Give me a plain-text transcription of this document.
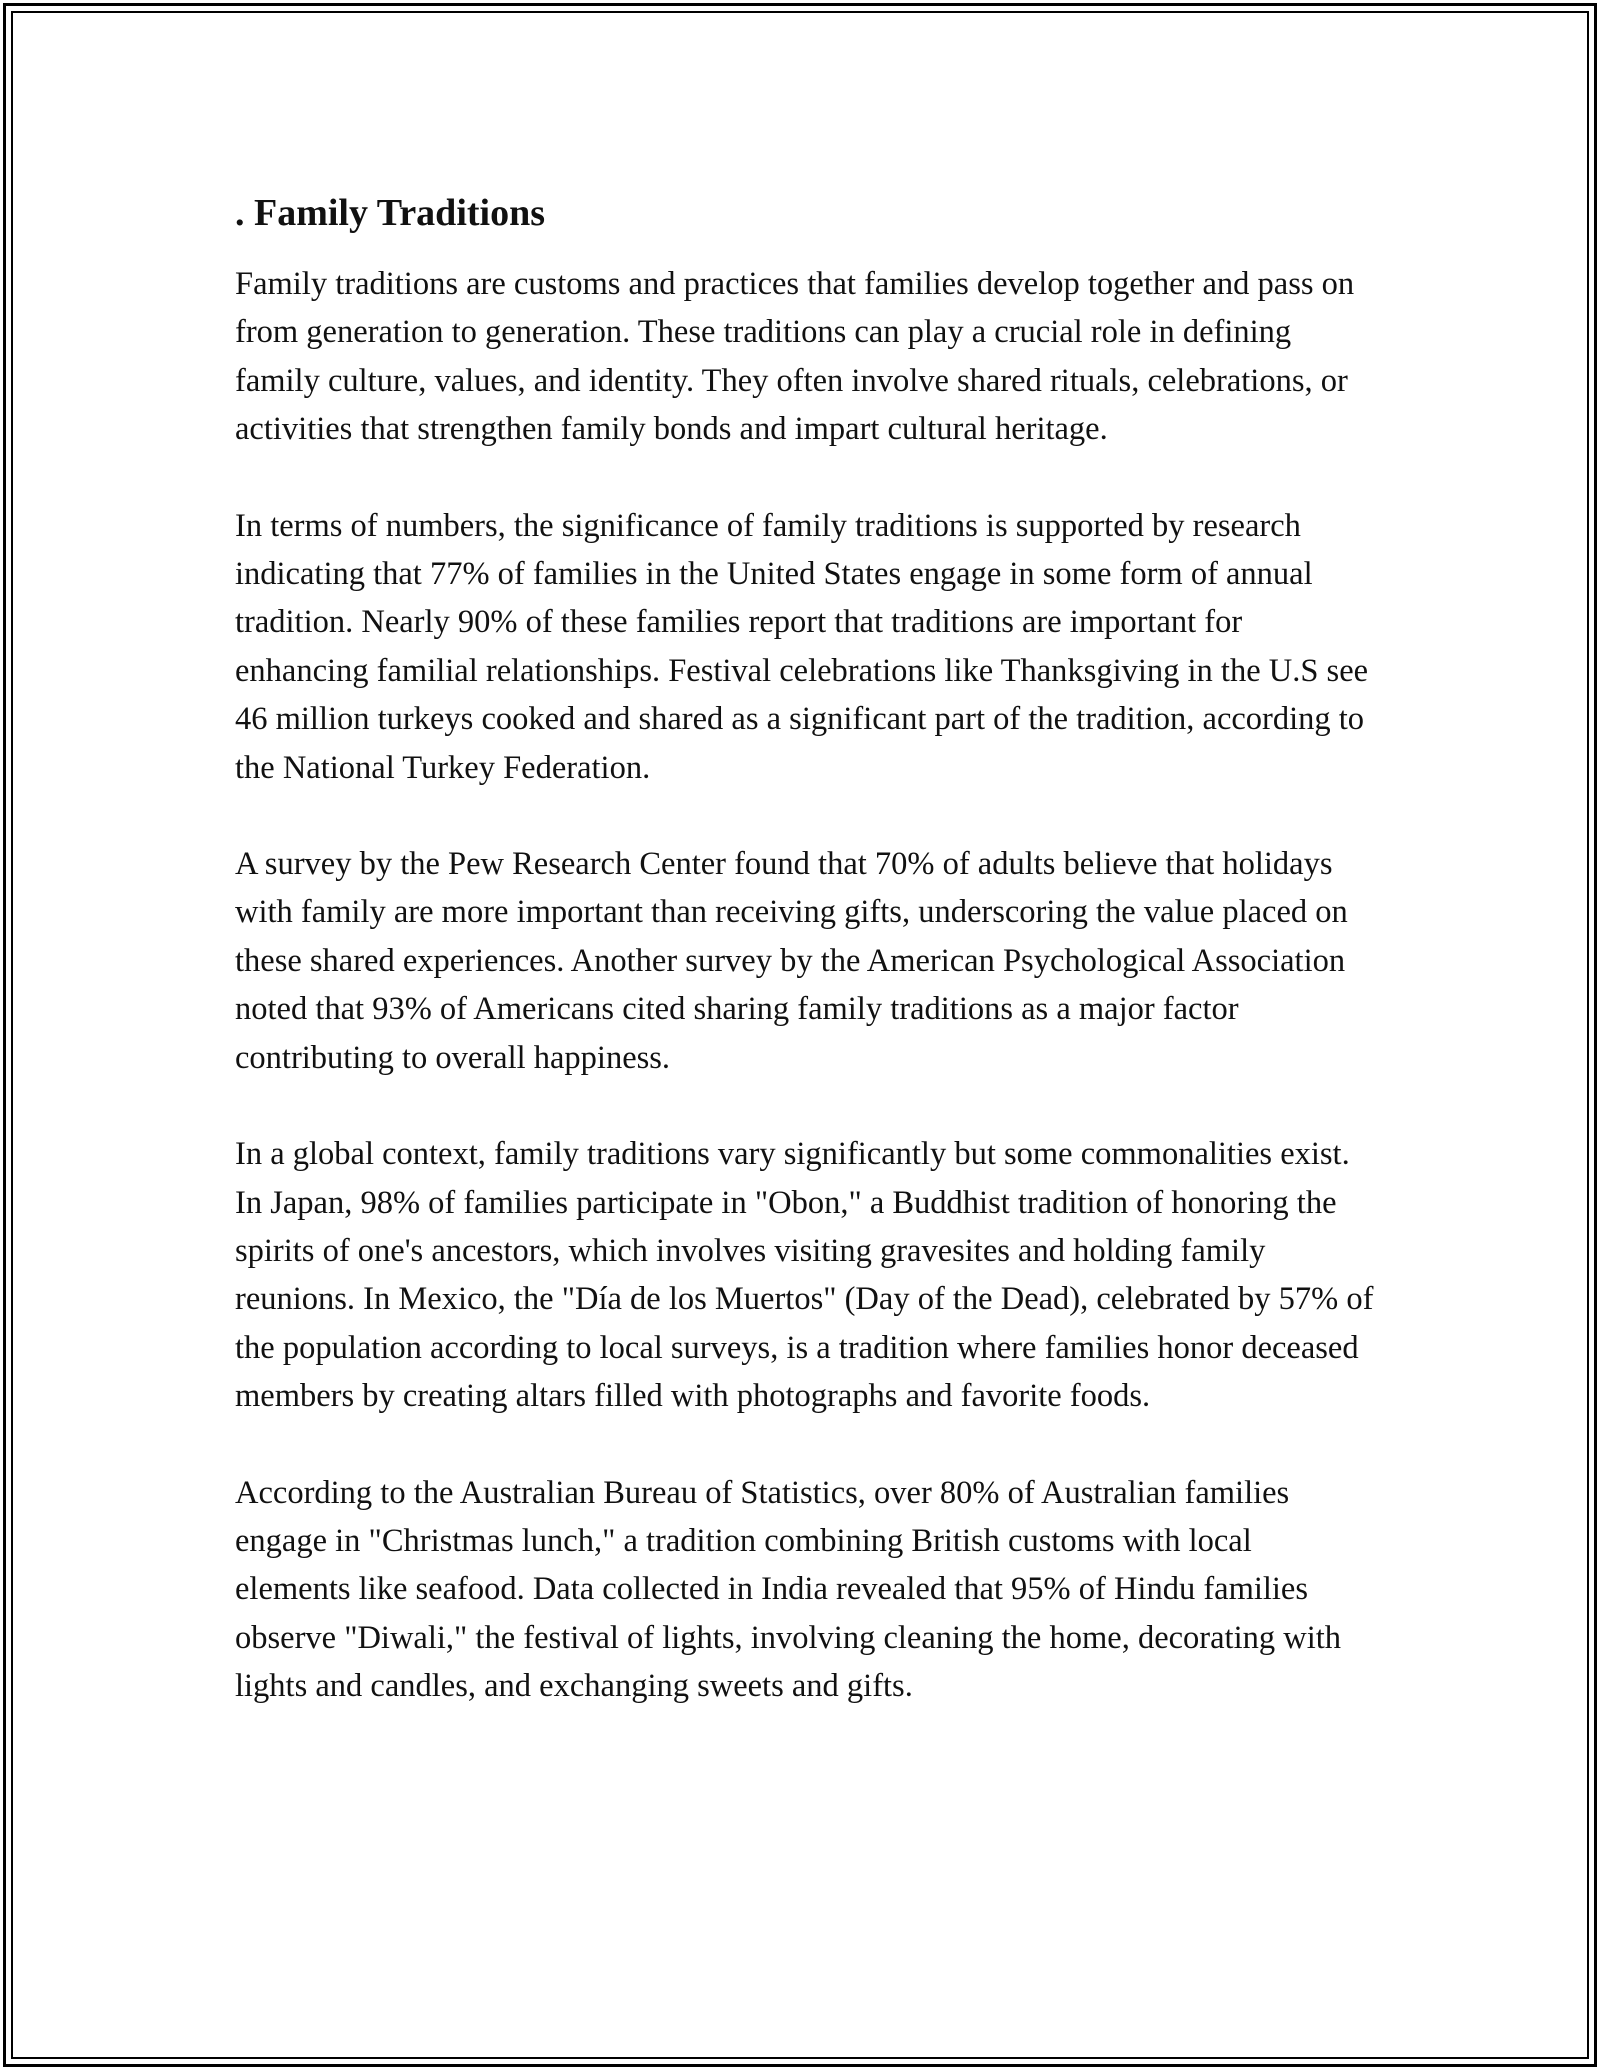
. Family Traditions

Family traditions are customs and practices that families develop together and pass on from generation to generation. These traditions can play a crucial role in defining family culture, values, and identity. They often involve shared rituals, celebrations, or activities that strengthen family bonds and impart cultural heritage.

In terms of numbers, the significance of family traditions is supported by research indicating that 77% of families in the United States engage in some form of annual tradition. Nearly 90% of these families report that traditions are important for enhancing familial relationships. Festival celebrations like Thanksgiving in the U.S see 46 million turkeys cooked and shared as a significant part of the tradition, according to the National Turkey Federation.

A survey by the Pew Research Center found that 70% of adults believe that holidays with family are more important than receiving gifts, underscoring the value placed on these shared experiences. Another survey by the American Psychological Association noted that 93% of Americans cited sharing family traditions as a major factor contributing to overall happiness.

In a global context, family traditions vary significantly but some commonalities exist. In Japan, 98% of families participate in "Obon," a Buddhist tradition of honoring the spirits of one's ancestors, which involves visiting gravesites and holding family reunions. In Mexico, the "Día de los Muertos" (Day of the Dead), celebrated by 57% of the population according to local surveys, is a tradition where families honor deceased members by creating altars filled with photographs and favorite foods.

According to the Australian Bureau of Statistics, over 80% of Australian families engage in "Christmas lunch," a tradition combining British customs with local elements like seafood. Data collected in India revealed that 95% of Hindu families observe "Diwali," the festival of lights, involving cleaning the home, decorating with lights and candles, and exchanging sweets and gifts.
